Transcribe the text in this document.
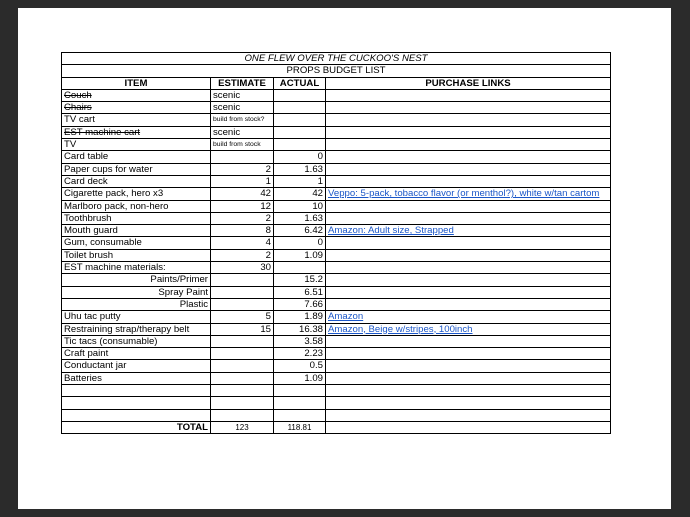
ONE FLEW OVER THE CUCKOO'S NEST			
PROPS BUDGET LIST			
ITEM	ESTIMATE	ACTUAL	PURCHASE LINKS
Couch	scenic		
Chairs	scenic		
TV cart	build from stock?		
EST machine cart	scenic		
TV	build from stock		
Card table		0	
Paper cups for water	2	1.63	
Card deck	1	1	
Cigarette pack, hero x3	42	42	Veppo: 5-pack, tobacco flavor (or menthol?), white w/tan cartom
Marlboro pack, non-hero	12	10	
Toothbrush	2	1.63	
Mouth guard	8	6.42	Amazon: Adult size, Strapped
Gum, consumable	4	0	
Toilet brush	2	1.09	
EST machine materials:	30		
Paints/Primer		15.2	
Spray Paint		6.51	
Plastic		7.66	
Uhu tac putty	5	1.89	Amazon
Restraining strap/therapy belt	15	16.38	Amazon, Beige w/stripes, 100inch
Tic tacs (consumable)		3.58	
Craft paint		2.23	
Conductant jar		0.5	
Batteries		1.09	

TOTAL	123	118.81	
